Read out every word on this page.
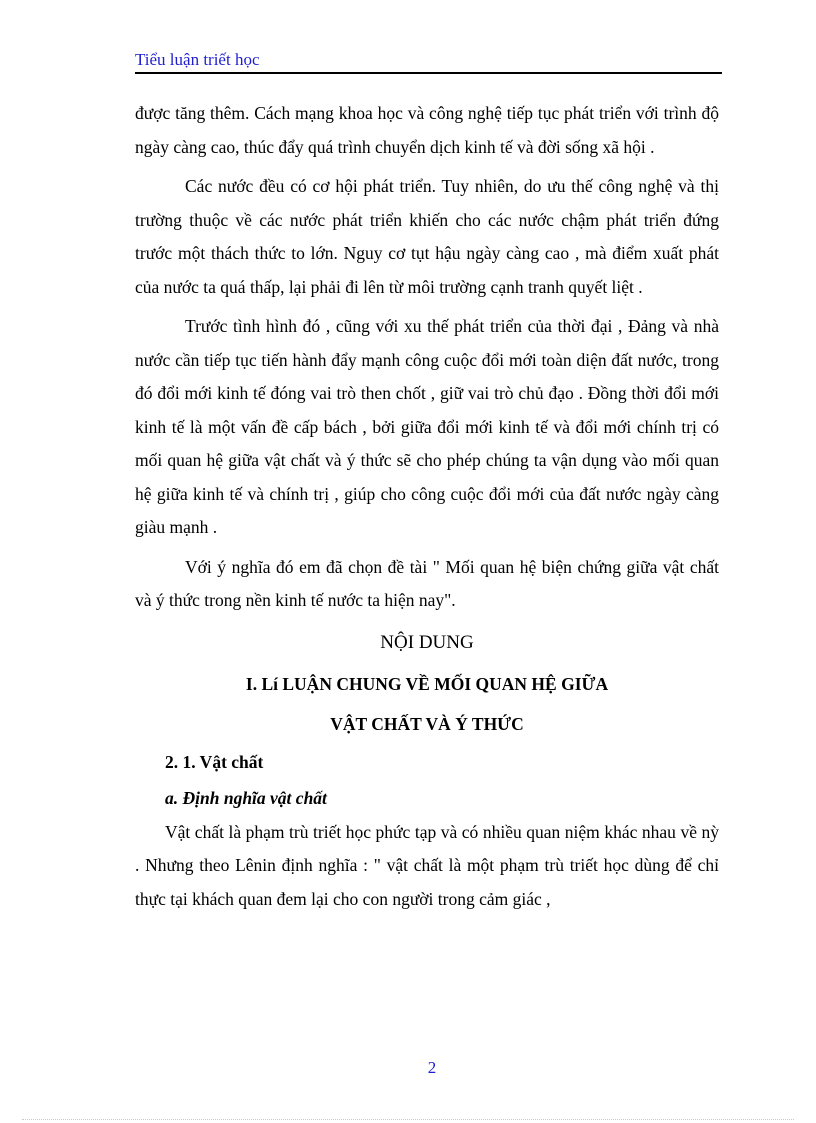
Tiểu luận triết học

được tăng thêm. Cách mạng khoa học và công nghệ tiếp tục phát triển với trình độ ngày càng cao, thúc đẩy quá trình chuyển dịch kinh tế và đời sống xã hội .

Các nước đều có cơ hội phát triển. Tuy nhiên, do ưu thế công nghệ và thị trường thuộc về các nước phát triển khiến cho các nước chậm phát triển đứng trước một thách thức to lớn. Nguy cơ tụt hậu ngày càng cao , mà điểm xuất phát của nước ta quá thấp, lại phải đi lên từ môi trường cạnh tranh quyết liệt .

Trước tình hình đó , cũng với xu thế phát triển của thời đại , Đảng và nhà nước cần tiếp tục tiến hành đẩy mạnh công cuộc đổi mới toàn diện đất nước, trong đó đổi mới kinh tế đóng vai trò then chốt , giữ vai trò chủ đạo . Đồng thời đổi mới kinh tế là một vấn đề cấp bách , bởi giữa đổi mới kinh tế và đổi mới chính trị có mối quan hệ giữa vật chất và ý thức sẽ cho phép chúng ta vận dụng vào mối quan hệ giữa kinh tế và chính trị , giúp cho công cuộc đổi mới của đất nước ngày càng giàu mạnh .

Với ý nghĩa đó em đã chọn đề tài " Mối quan hệ biện chứng giữa vật chất và ý thức trong nền kinh tế nước ta hiện nay".

NỘI DUNG
I. Lí LUẬN CHUNG VỀ MỐI QUAN HỆ GIỮA
VẬT CHẤT VÀ Ý THỨC
2. 1. Vật chất
a. Định nghĩa vật chất

Vật chất là phạm trù triết học phức tạp và có nhiều quan niệm khác nhau về nỳ . Nhưng theo Lênin định nghĩa : " vật chất là một phạm trù triết học dùng để chỉ thực tại khách quan đem lại cho con người trong cảm giác ,

2
